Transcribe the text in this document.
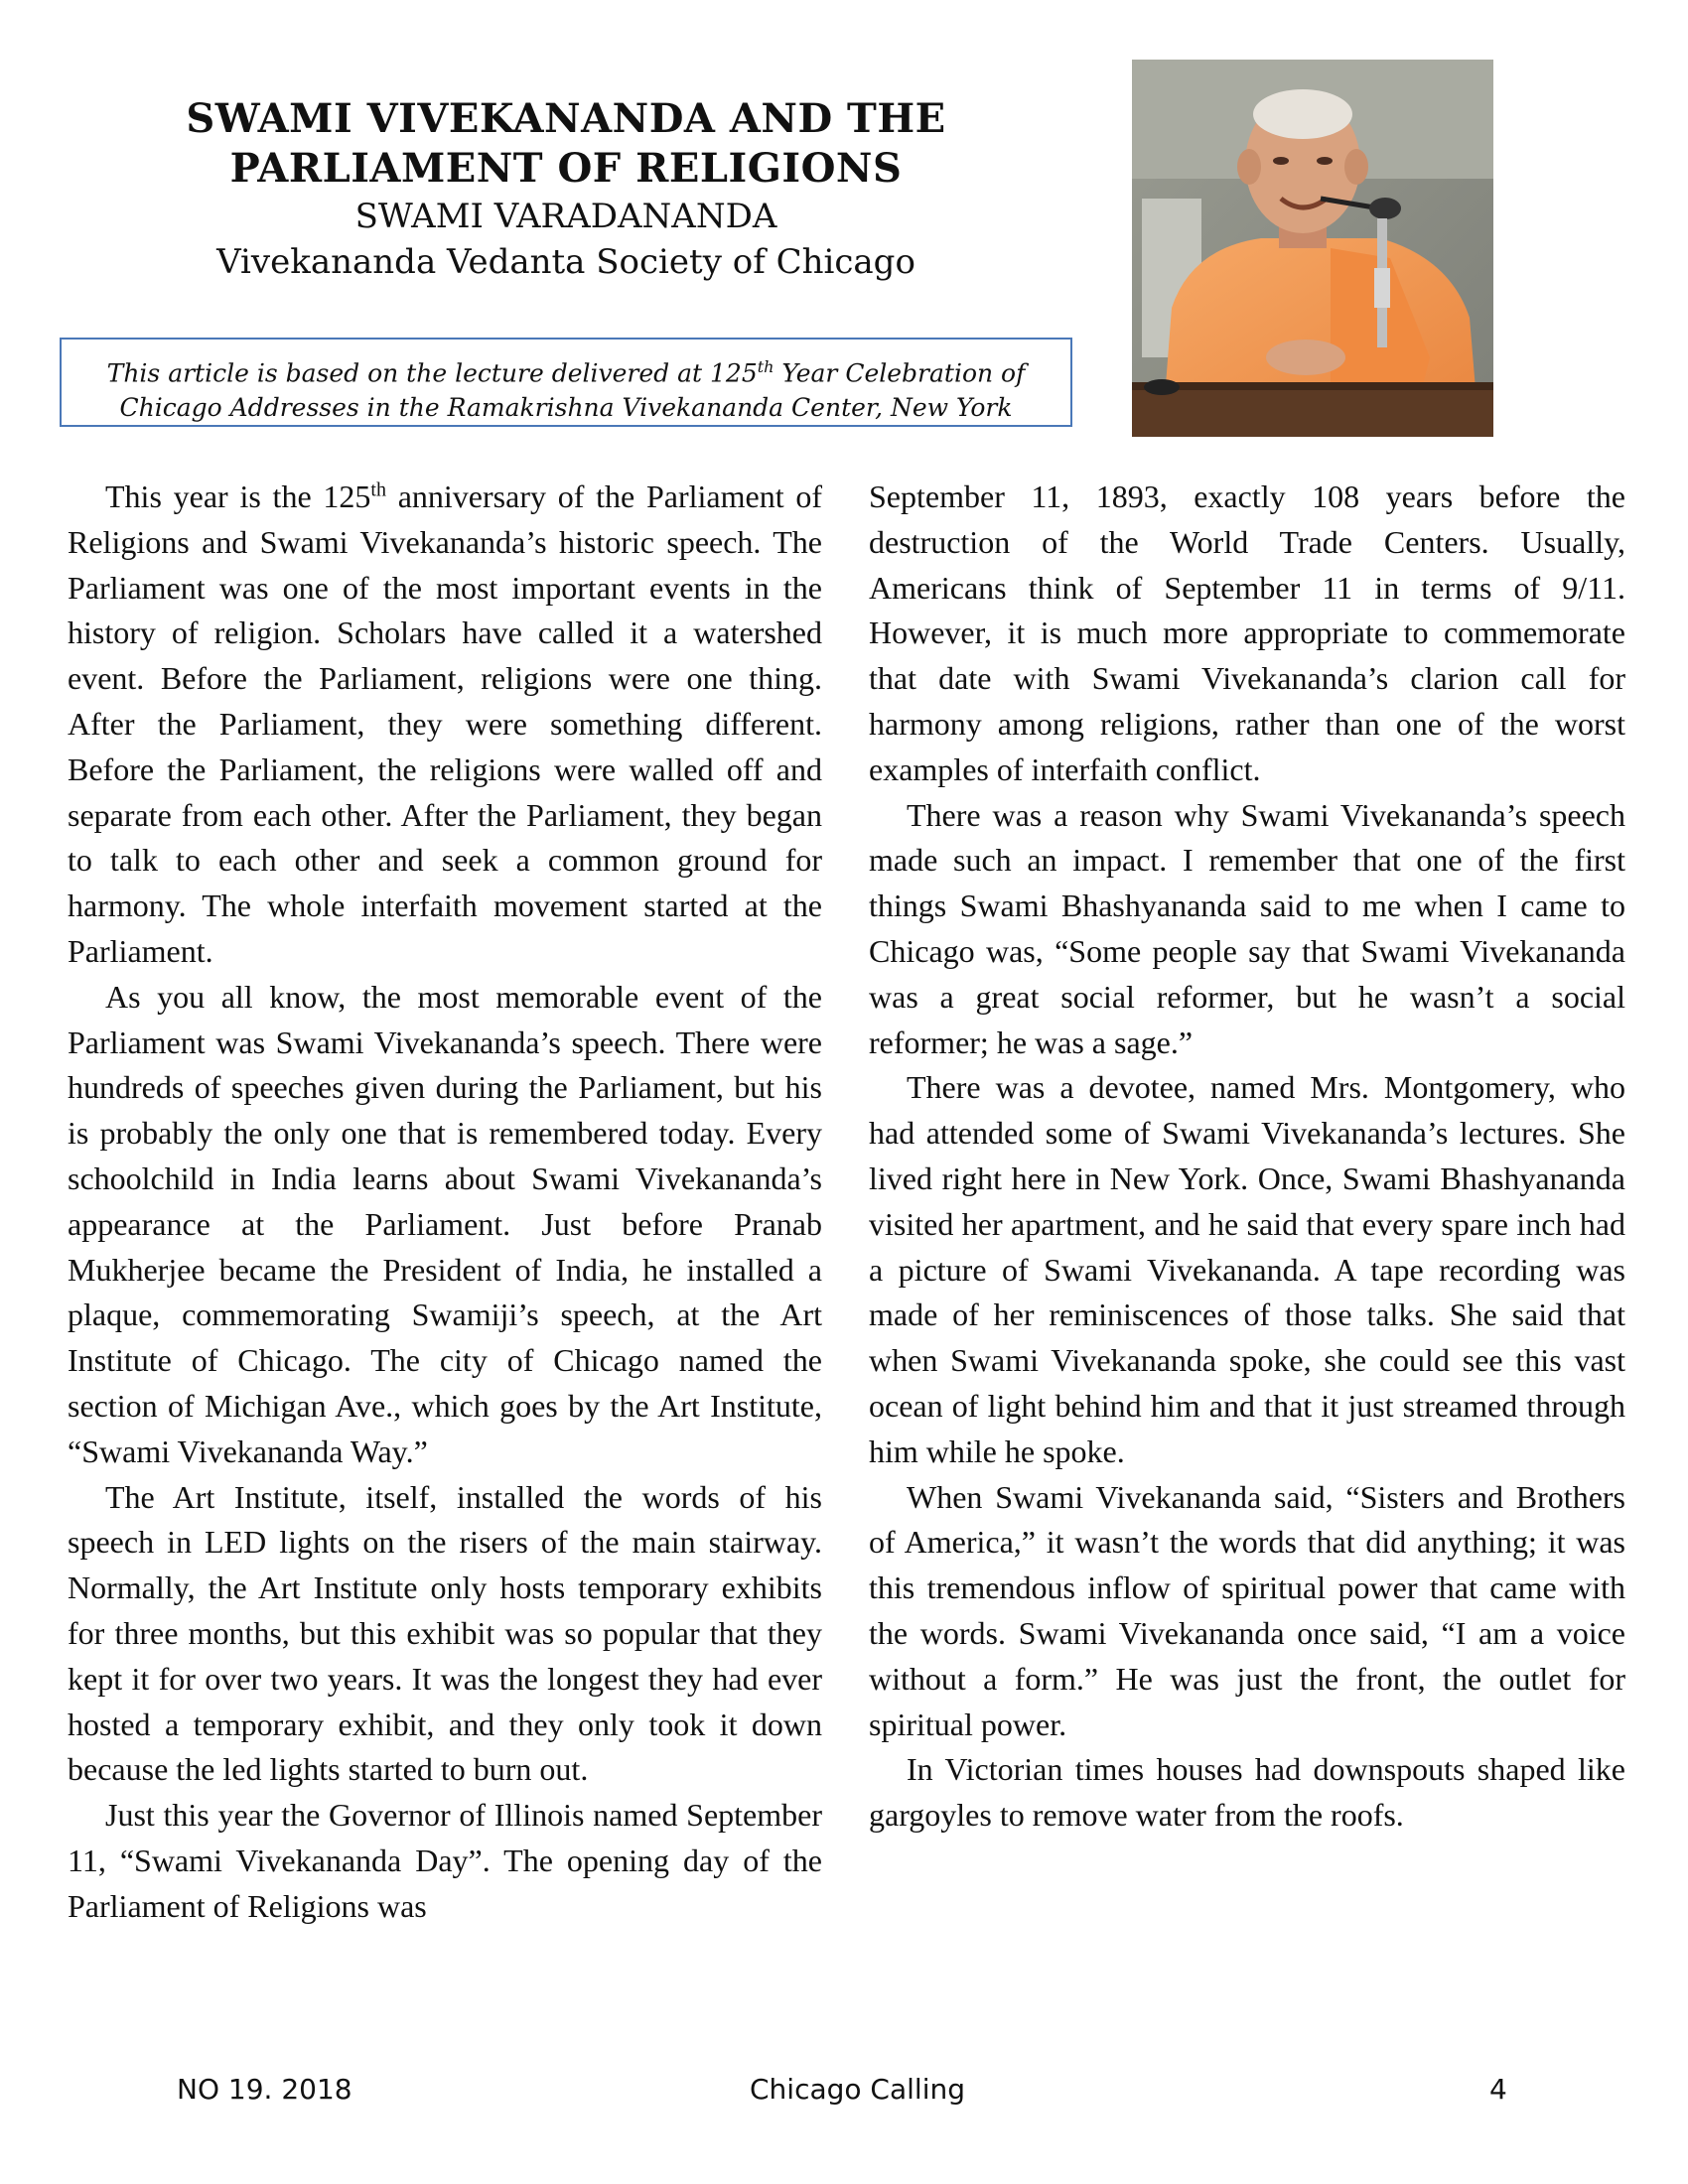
SWAMI VIVEKANANDA AND THE
PARLIAMENT OF RELIGIONS
SWAMI VARADANANDA
Vivekananda Vedanta Society of Chicago
This article is based on the lecture delivered at 125th Year Celebration of
Chicago Addresses in the Ramakrishna Vivekananda Center, New York

This year is the 125th anniversary of the Parliament of Religions and Swami Vivekananda’s historic speech. The Parliament was one of the most important events in the history of religion. Scholars have called it a watershed event. Before the Parliament, religions were one thing. After the Parliament, they were something different. Before the Parliament, the religions were walled off and separate from each other. After the Parliament, they began to talk to each other and seek a common ground for harmony. The whole interfaith movement started at the Parliament.

As you all know, the most memorable event of the Parliament was Swami Vivekananda’s speech. There were hundreds of speeches given during the Parliament, but his is probably the only one that is remembered today. Every schoolchild in India learns about Swami Vivekananda’s appearance at the Parliament. Just before Pranab Mukherjee became the President of India, he installed a plaque, commemorating Swamiji’s speech, at the Art Institute of Chicago. The city of Chicago named the section of Michigan Ave., which goes by the Art Institute, “Swami Vivekananda Way.”

The Art Institute, itself, installed the words of his speech in LED lights on the risers of the main stairway. Normally, the Art Institute only hosts temporary exhibits for three months, but this exhibit was so popular that they kept it for over two years. It was the longest they had ever hosted a temporary exhibit, and they only took it down because the led lights started to burn out.

Just this year the Governor of Illinois named September 11, “Swami Vivekananda Day”. The opening day of the Parliament of Religions was

September 11, 1893, exactly 108 years before the destruction of the World Trade Centers. Usually, Americans think of September 11 in terms of 9/11. However, it is much more appropriate to commemorate that date with Swami Vivekananda’s clarion call for harmony among religions, rather than one of the worst examples of interfaith conflict.

There was a reason why Swami Vivekananda’s speech made such an impact. I remember that one of the first things Swami Bhashyananda said to me when I came to Chicago was, “Some people say that Swami Vivekananda was a great social reformer, but he wasn’t a social reformer; he was a sage.”

There was a devotee, named Mrs. Montgomery, who had attended some of Swami Vivekananda’s lectures. She lived right here in New York. Once, Swami Bhashyananda visited her apartment, and he said that every spare inch had a picture of Swami Vivekananda. A tape recording was made of her reminiscences of those talks. She said that when Swami Vivekananda spoke, she could see this vast ocean of light behind him and that it just streamed through him while he spoke.

When Swami Vivekananda said, “Sisters and Brothers of America,” it wasn’t the words that did anything; it was this tremendous inflow of spiritual power that came with the words. Swami Vivekananda once said, “I am a voice without a form.” He was just the front, the outlet for spiritual power.

In Victorian times houses had downspouts shaped like gargoyles to remove water from the roofs.

NO 19. 2018	Chicago Calling	4
